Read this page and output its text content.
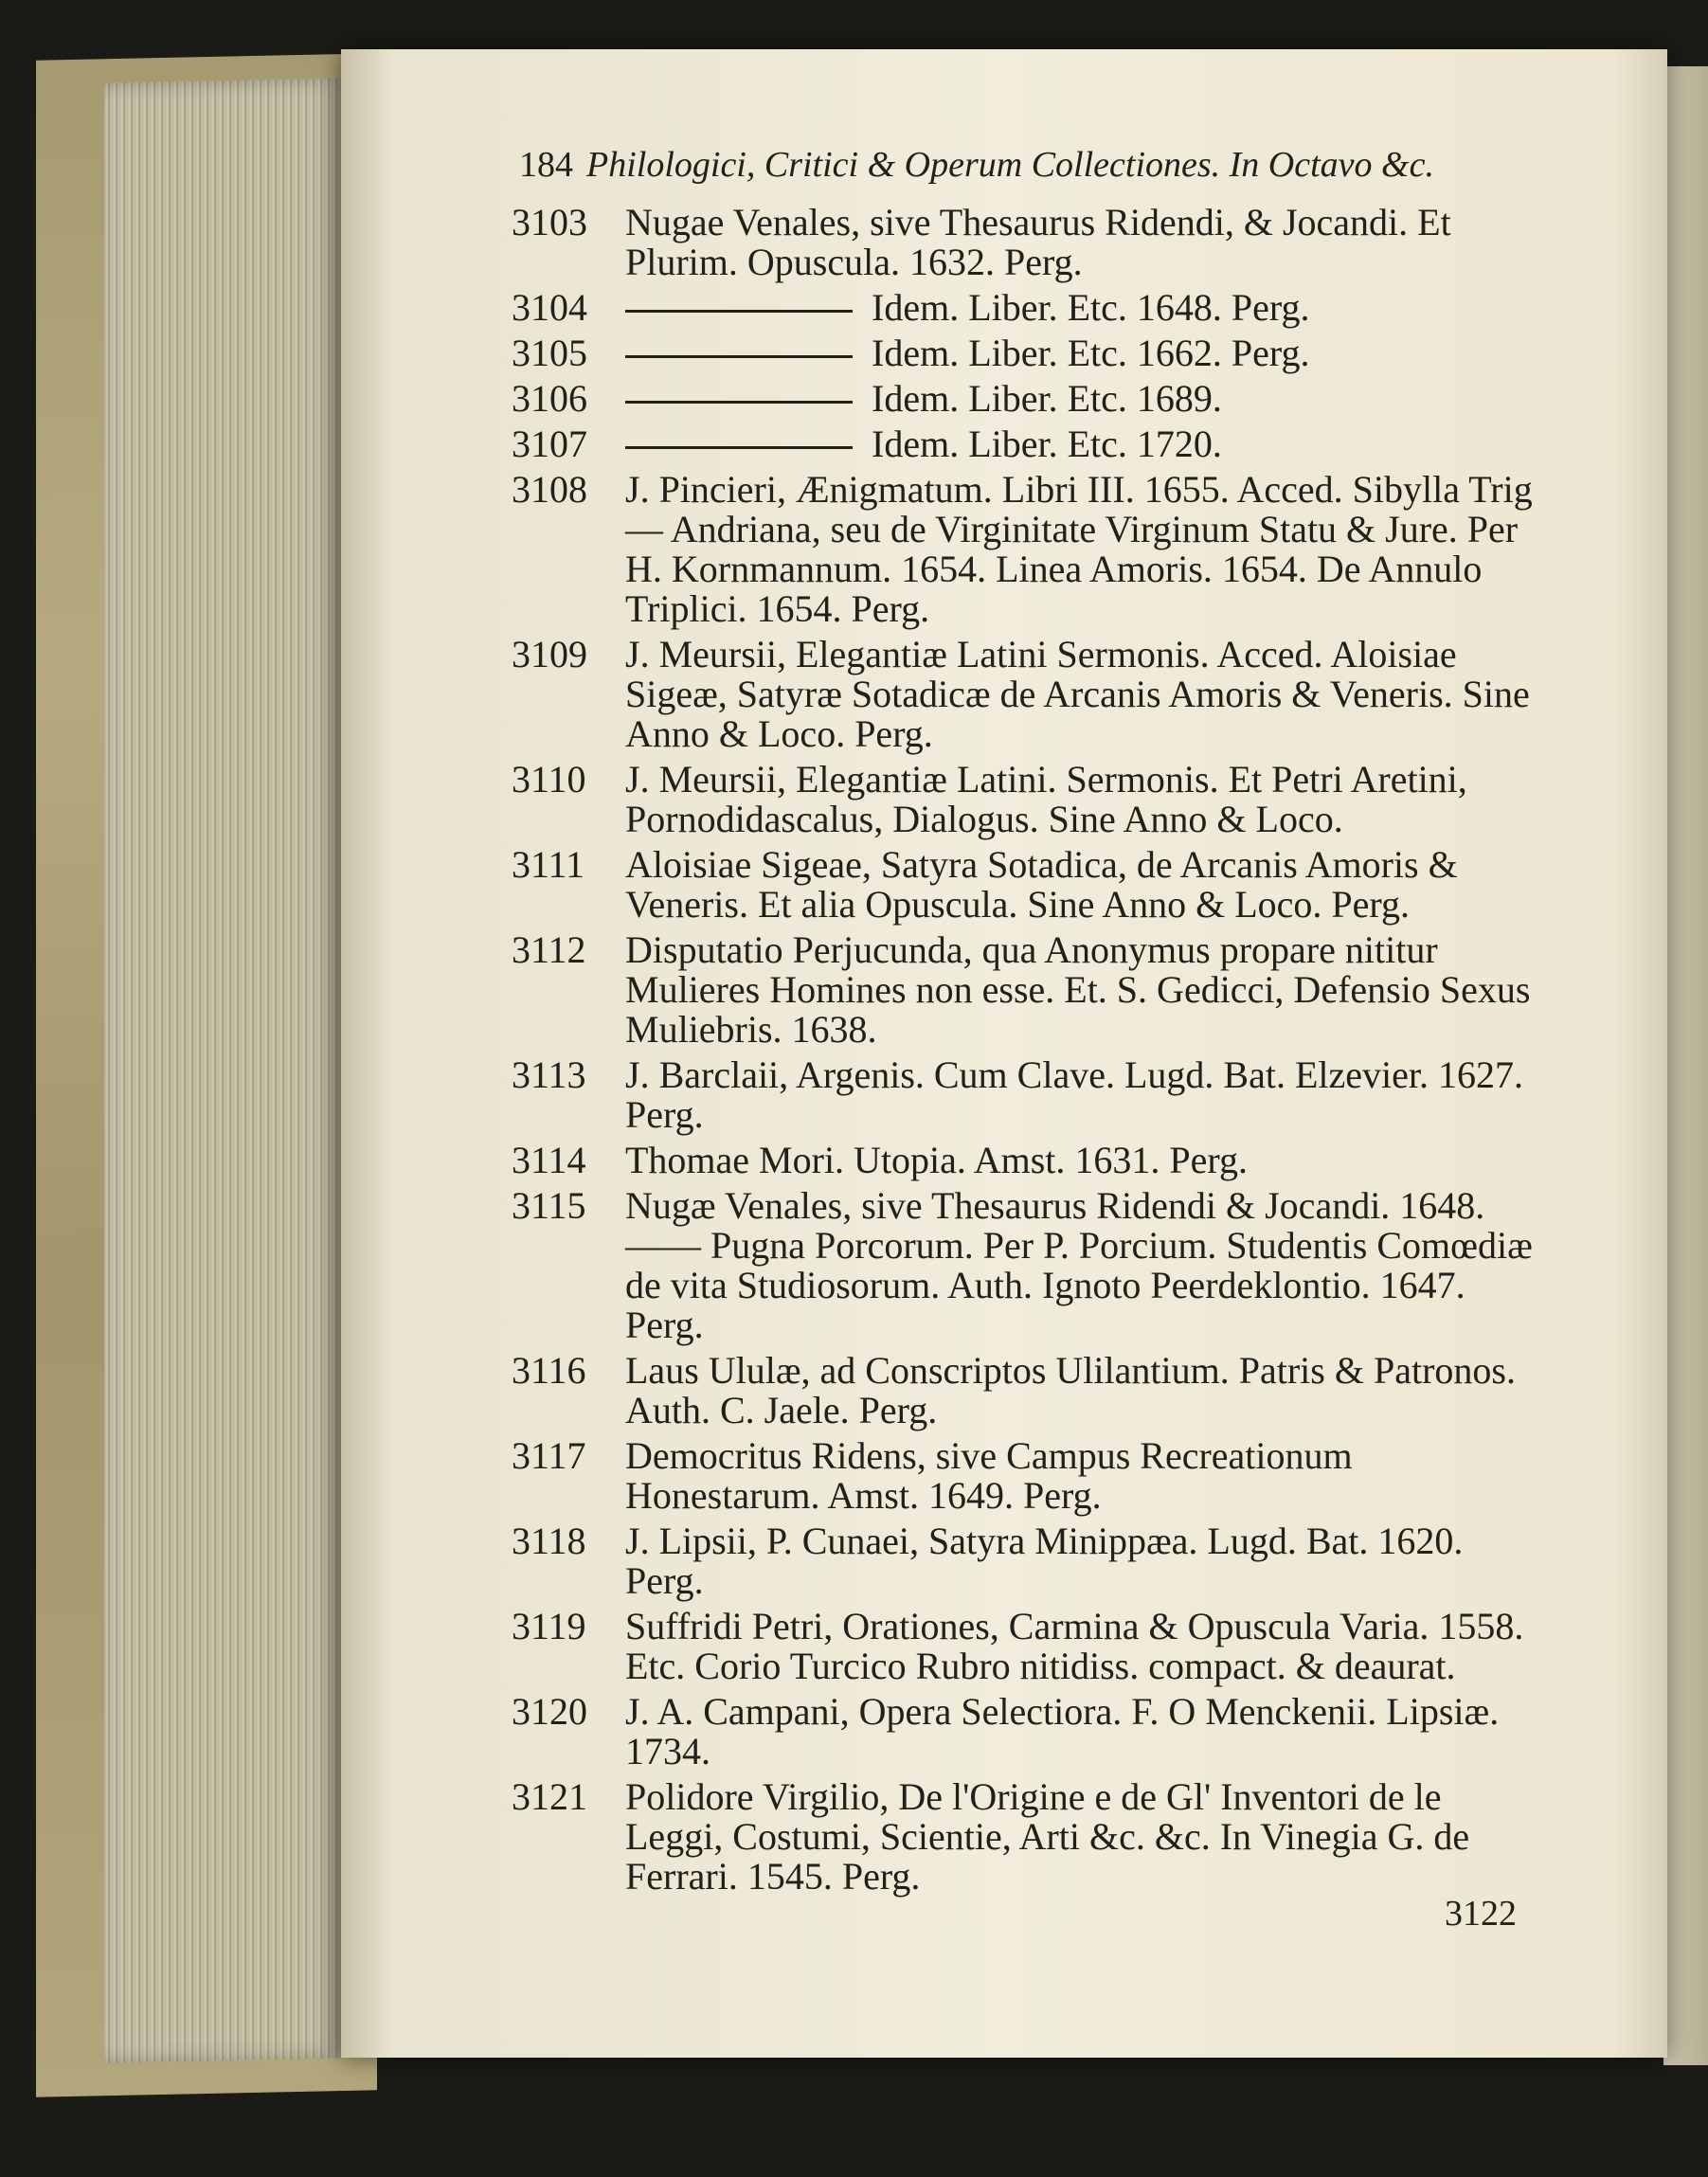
184 Philologici, Critici & Operum Collectiones. In Octavo &c.
3103	Nugae Venales, sive Thesaurus Ridendi, & Jocandi. Et Plurim. Opuscula. 1632. Perg.
3104	Idem. Liber. Etc. 1648. Perg.
3105	Idem. Liber. Etc. 1662. Perg.
3106	Idem. Liber. Etc. 1689.
3107	Idem. Liber. Etc. 1720.
3108	J. Pincieri, Ænigmatum. Libri III. 1655. Acced. Sibylla Trig — Andriana, seu de Virginitate Virginum Statu & Jure. Per H. Kornmannum. 1654. Linea Amoris. 1654. De Annulo Triplici. 1654. Perg.
3109	J. Meursii, Elegantiæ Latini Sermonis. Acced. Aloisiae Sigeæ, Satyræ Sotadicæ de Arcanis Amoris & Veneris. Sine Anno & Loco. Perg.
3110	J. Meursii, Elegantiæ Latini. Sermonis. Et Petri Aretini, Pornodidascalus, Dialogus. Sine Anno & Loco.
3111	Aloisiae Sigeae, Satyra Sotadica, de Arcanis Amoris & Veneris. Et alia Opuscula. Sine Anno & Loco. Perg.
3112	Disputatio Perjucunda, qua Anonymus propare nititur Mulieres Homines non esse. Et. S. Gedicci, Defensio Sexus Muliebris. 1638.
3113	J. Barclaii, Argenis. Cum Clave. Lugd. Bat. Elzevier. 1627. Perg.
3114	Thomae Mori. Utopia. Amst. 1631. Perg.
3115	Nugæ Venales, sive Thesaurus Ridendi & Jocandi. 1648. —— Pugna Porcorum. Per P. Porcium. Studentis Comœdiæ de vita Studiosorum. Auth. Ignoto Peerdeklontio. 1647. Perg.
3116	Laus Ululæ, ad Conscriptos Ulilantium. Patris & Patronos. Auth. C. Jaele. Perg.
3117	Democritus Ridens, sive Campus Recreationum Honestarum. Amst. 1649. Perg.
3118	J. Lipsii, P. Cunaei, Satyra Minippæa. Lugd. Bat. 1620. Perg.
3119	Suffridi Petri, Orationes, Carmina & Opuscula Varia. 1558. Etc. Corio Turcico Rubro nitidiss. compact. & deaurat.
3120	J. A. Campani, Opera Selectiora. F. O Menckenii. Lipsiæ. 1734.
3121	Polidore Virgilio, De l'Origine e de Gl' Inventori de le Leggi, Costumi, Scientie, Arti &c. &c. In Vinegia G. de Ferrari. 1545. Perg.
3122
